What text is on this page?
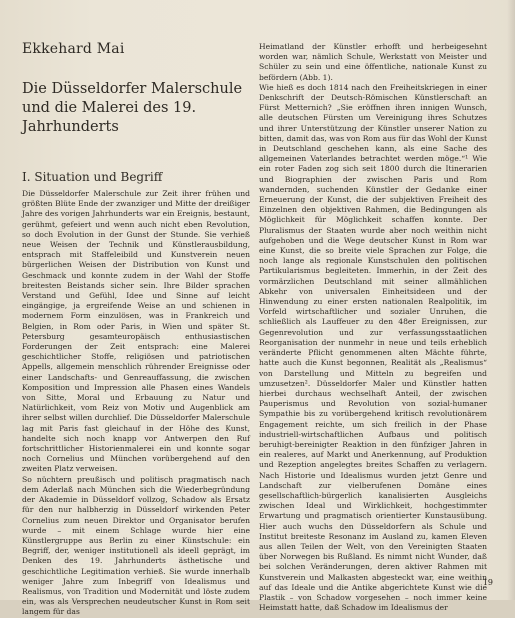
Ekkehard Mai
Die Düsseldorfer Malerschule und die Malerei des 19. Jahrhunderts
I. Situation und Begriff

Die Düsseldorfer Malerschule zur Zeit ihrer frühen und größten Blüte Ende der zwanziger und Mitte der dreißiger Jahre des vorigen Jahrhunderts war ein Ereignis, bestaunt, gerühmt, gefeiert und wenn auch nicht eben Revolution, so doch Evolution in der Gunst der Stunde. Sie verhieß neue Weisen der Technik und Künstlerausbildung, entsprach mit Staffeleibild und Kunstverein neuen bürgerlichen Weisen der Distribution von Kunst und Geschmack und konnte zudem in der Wahl der Stoffe breitesten Beistands sicher sein. Ihre Bilder sprachen Verstand und Gefühl, Idee und Sinne auf leicht eingängige, ja ergreifende Weise an und schienen in modernem Form einzulösen, was in Frankreich und Belgien, in Rom oder Paris, in Wien und später St. Petersburg gesamteuropäisch enthusiastischen Forderungen der Zeit entsprach: eine Malerei geschichtlicher Stoffe, religiösen und patriotischen Appells, allgemein menschlich rührender Ereignisse oder einer Landschafts- und Genreauffassung, die zwischen Komposition und Impression alle Phasen eines Wandels von Sitte, Moral und Erbauung zu Natur und Natürlichkeit, vom Reiz von Motiv und Augenblick am ihrer selbst willen durchlief. Die Düsseldorfer Malerschule lag mit Paris fast gleichauf in der Höhe des Kunst, handelte sich noch knapp vor Antwerpen den Ruf fortschrittlicher Historienmalerei ein und konnte sogar noch Cornelius und München vorübergehend auf den zweiten Platz verweisen.

So nüchtern preußisch und politisch pragmatisch nach dem Aderlaß nach München sich die Wiederbegründung der Akademie in Düsseldorf vollzog, Schadow als Ersatz für den nur halbherzig in Düsseldorf wirkenden Peter Cornelius zum neuen Direktor und Organisator berufen wurde – mit einem Schlage wurde hier eine Künstlergruppe aus Berlin zu einer Künstschule: ein Begriff, der, weniger institutionell als ideell geprägt, im Denken des 19. Jahrhunderts ästhetische und geschichtliche Legitimation verhieß. Sie wurde innerhalb weniger Jahre zum Inbegriff von Idealismus und Realismus, von Tradition und Modernität und löste zudem ein, was als Versprechen neudeutscher Kunst in Rom seit langem für das

Heimatland der Künstler erhofft und herbeigesehnt worden war, nämlich Schule, Werkstatt von Meister und Schüler zu sein und eine öffentliche, nationale Kunst zu befördern (Abb. 1).

Wie hieß es doch 1814 nach den Freiheitskriegen in einer Denkschrift der Deutsch-Römischen Künstlerschaft an Fürst Metternich? „Sie eröffnen ihren innigen Wunsch, alle deutschen Fürsten um Vereinigung ihres Schutzes und ihrer Unterstützung der Künstler unserer Nation zu bitten, damit das, was von Rom aus für das Wohl der Kunst in Deutschland geschehen kann, als eine Sache des allgemeinen Vaterlandes betrachtet werden möge.“¹ Wie ein roter Faden zog sich seit 1800 durch die Itinerarien und Biographien der zwischen Paris und Rom wandernden, suchenden Künstler der Gedanke einer Erneuerung der Kunst, die der subjektiven Freiheit des Einzelnen den objektiven Rahmen, die Bedingungen als Möglichkeit für Möglichkeit schaffen konnte. Der Pluralismus der Staaten wurde aber noch weithin nicht aufgehoben und die Wege deutscher Kunst in Rom war eine Kunst, die so breite viele Sprachen zur Folge, die noch lange als regionale Kunstschulen den politischen Partikularismus begleiteten. Immerhin, in der Zeit des vormärzlichen Deutschland mit seiner allmählichen Abkehr von universalen Einheitsideen und der Hinwendung zu einer ersten nationalen Realpolitik, im Vorfeld wirtschaftlicher und sozialer Unruhen, die schließlich als Lauffeuer zu den 48er Ereignissen, zur Gegenrevolution und zur verfassungsstaatlichen Reorganisation der nunmehr in neue und teils erheblich veränderte Pflicht genommenen alten Mächte führte, hatte auch die Kunst begonnen, Realität als „Realismus“ von Darstellung und Mitteln zu begreifen und umzusetzen². Düsseldorfer Maler und Künstler hatten hierbei durchaus wechselhaft Anteil, der zwischen Pauperismus und Revolution von sozial-humaner Sympathie bis zu vorübergehend kritisch revolutionärem Engagement reichte, um sich freilich in der Phase industriell-wirtschaftlichen Aufbaus und politisch beruhigt-bereinigter Reaktion in den fünfziger Jahren in ein realeres, auf Markt und Anerkennung, auf Produktion und Rezeption angelegtes breites Schaffen zu verlagern. Nach Historie und Idealismus wurden jetzt Genre und Landschaft zur vielberufenen Domäne eines gesellschaftlich-bürgerlich kanalisierten Ausgleichs zwischen Ideal und Wirklichkeit, hochgestimmter Erwartung und pragmatisch orientierter Kunstausübung. Hier auch wuchs den Düsseldorfern als Schule und Institut breiteste Resonanz im Ausland zu, kamen Eleven aus allen Teilen der Welt, von den Vereinigten Staaten über Norwegen bis Rußland. Es nimmt nicht Wunder, daß bei solchen Veränderungen, deren aktiver Rahmen mit Kunstverein und Malkasten abgesteckt war, eine weithin auf das Ideale und die Antike abgerichtete Kunst wie die Plastik – von Schadow vorgesehen – noch immer keine Heimstatt hatte, daß Schadow im Idealismus der

19
